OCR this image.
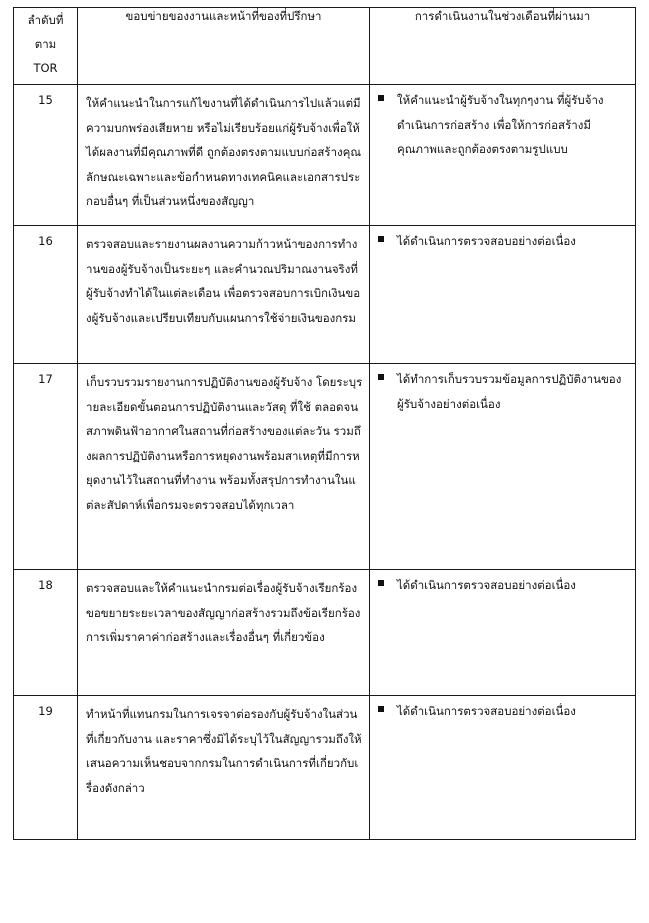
ลำดับที่
ตาม
TOR	ขอบข่ายของงานและหน้าที่ของที่ปรึกษา	การดำเนินงานในช่วงเดือนที่ผ่านมา
15	ให้คำแนะนำในการแก้ไขงานที่ได้ดำเนินการไปแล้วแต่มีความบกพร่องเสียหาย หรือไม่เรียบร้อยแก่ผู้รับจ้างเพื่อให้ได้ผลงานที่มีคุณภาพที่ดี ถูกต้องตรงตามแบบก่อสร้างคุณลักษณะเฉพาะและข้อกำหนดทางเทคนิคและเอกสารประกอบอื่นๆ ที่เป็นส่วนหนึ่งของสัญญา	ให้คำแนะนำผู้รับจ้างในทุกๆงาน ที่ผู้รับจ้างดำเนินการก่อสร้าง เพื่อให้การก่อสร้างมีคุณภาพและถูกต้องตรงตามรูปแบบ

16	ตรวจสอบและรายงานผลงานความก้าวหน้าของการทำงานของผู้รับจ้างเป็นระยะๆ และคำนวณปริมาณงานจริงที่ผู้รับจ้างทำได้ในแต่ละเดือน เพื่อตรวจสอบการเบิกเงินของผู้รับจ้างและเปรียบเทียบกับแผนการใช้จ่ายเงินของกรม	ได้ดำเนินการตรวจสอบอย่างต่อเนื่อง

17	เก็บรวบรวมรายงานการปฏิบัติงานของผู้รับจ้าง โดยระบุรายละเอียดขั้นตอนการปฏิบัติงานและวัสดุ ที่ใช้ ตลอดจนสภาพดินฟ้าอากาศในสถานที่ก่อสร้างของแต่ละวัน รวมถึงผลการปฏิบัติงานหรือการหยุดงานพร้อมสาเหตุที่มีการหยุดงานไว้ในสถานที่ทำงาน พร้อมทั้งสรุปการทำงานในแต่ละสัปดาห์เพื่อกรมจะตรวจสอบได้ทุกเวลา	ได้ทำการเก็บรวบรวมข้อมูลการปฏิบัติงานของผู้รับจ้างอย่างต่อเนื่อง

18	ตรวจสอบและให้คำแนะนำกรมต่อเรื่องผู้รับจ้างเรียกร้องขอขยายระยะเวลาของสัญญาก่อสร้างรวมถึงข้อเรียกร้องการเพิ่มราคาค่าก่อสร้างและเรื่องอื่นๆ ที่เกี่ยวข้อง	ได้ดำเนินการตรวจสอบอย่างต่อเนื่อง

19	ทำหน้าที่แทนกรมในการเจรจาต่อรองกับผู้รับจ้างในส่วนที่เกี่ยวกับงาน และราคาซึ่งมิได้ระบุไว้ในสัญญารวมถึงให้เสนอความเห็นชอบจากกรมในการดำเนินการที่เกี่ยวกับเรื่องดังกล่าว	ได้ดำเนินการตรวจสอบอย่างต่อเนื่อง
